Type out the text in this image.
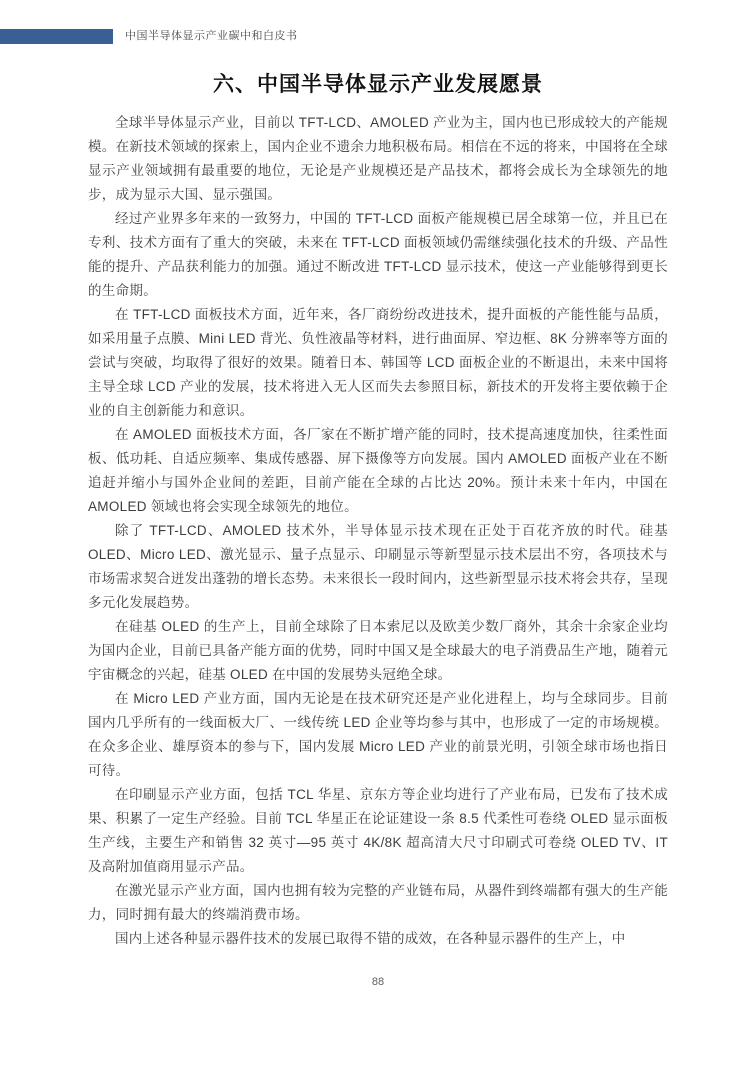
中国半导体显示产业碳中和白皮书
六、中国半导体显示产业发展愿景

全球半导体显示产业，目前以 TFT-LCD、AMOLED 产业为主，国内也已形成较大的产能规模。在新技术领域的探索上，国内企业不遗余力地积极布局。相信在不远的将来，中国将在全球显示产业领域拥有最重要的地位，无论是产业规模还是产品技术，都将会成长为全球领先的地步，成为显示大国、显示强国。

经过产业界多年来的一致努力，中国的 TFT-LCD 面板产能规模已居全球第一位，并且已在专利、技术方面有了重大的突破，未来在 TFT-LCD 面板领域仍需继续强化技术的升级、产品性能的提升、产品获利能力的加强。通过不断改进 TFT-LCD 显示技术，使这一产业能够得到更长的生命期。

在 TFT-LCD 面板技术方面，近年来，各厂商纷纷改进技术，提升面板的产能性能与品质，如采用量子点膜、Mini LED 背光、负性液晶等材料，进行曲面屏、窄边框、8K 分辨率等方面的尝试与突破，均取得了很好的效果。随着日本、韩国等 LCD 面板企业的不断退出，未来中国将主导全球 LCD 产业的发展，技术将进入无人区而失去参照目标，新技术的开发将主要依赖于企业的自主创新能力和意识。

在 AMOLED 面板技术方面，各厂家在不断扩增产能的同时，技术提高速度加快，往柔性面板、低功耗、自适应频率、集成传感器、屏下摄像等方向发展。国内 AMOLED 面板产业在不断追赶并缩小与国外企业间的差距，目前产能在全球的占比达 20%。预计未来十年内，中国在 AMOLED 领域也将会实现全球领先的地位。

除了 TFT-LCD、AMOLED 技术外，半导体显示技术现在正处于百花齐放的时代。硅基OLED、Micro LED、激光显示、量子点显示、印刷显示等新型显示技术层出不穷，各项技术与市场需求契合迸发出蓬勃的增长态势。未来很长一段时间内，这些新型显示技术将会共存，呈现多元化发展趋势。

在硅基 OLED 的生产上，目前全球除了日本索尼以及欧美少数厂商外，其余十余家企业均为国内企业，目前已具备产能方面的优势，同时中国又是全球最大的电子消费品生产地，随着元宇宙概念的兴起，硅基 OLED 在中国的发展势头冠绝全球。

在 Micro LED 产业方面，国内无论是在技术研究还是产业化进程上，均与全球同步。目前国内几乎所有的一线面板大厂、一线传统 LED 企业等均参与其中，也形成了一定的市场规模。在众多企业、雄厚资本的参与下，国内发展 Micro LED 产业的前景光明，引领全球市场也指日可待。

在印刷显示产业方面，包括 TCL 华星、京东方等企业均进行了产业布局，已发布了技术成果、积累了一定生产经验。目前 TCL 华星正在论证建设一条 8.5 代柔性可卷绕 OLED 显示面板生产线，主要生产和销售 32 英寸—95 英寸 4K/8K 超高清大尺寸印刷式可卷绕 OLED TV、IT 及高附加值商用显示产品。

在激光显示产业方面，国内也拥有较为完整的产业链布局，从器件到终端都有强大的生产能力，同时拥有最大的终端消费市场。

国内上述各种显示器件技术的发展已取得不错的成效，在各种显示器件的生产上，中

88
